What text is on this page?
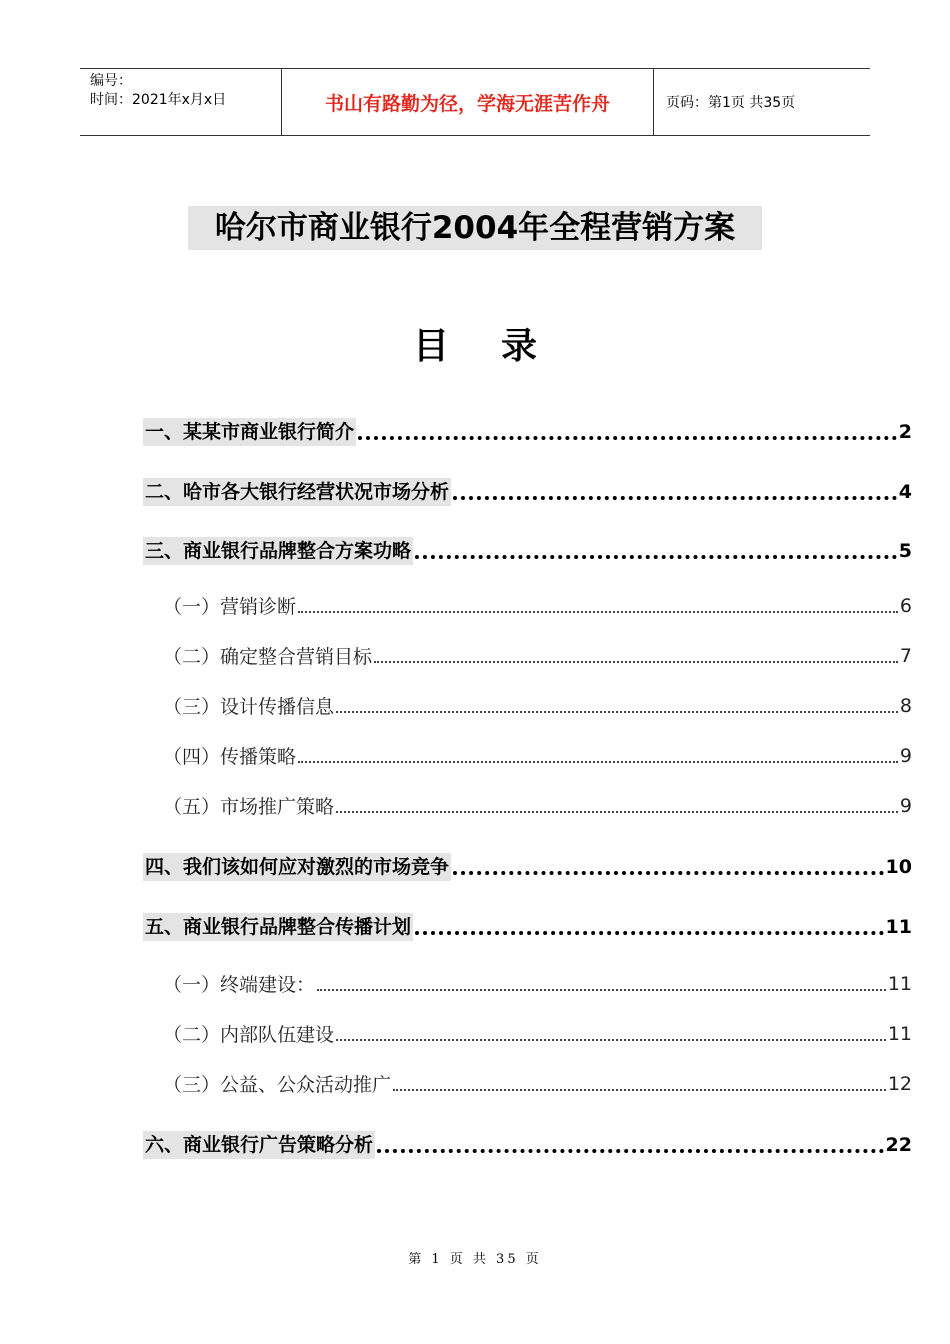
编号：
时间：2021年x月x日	书山有路勤为径，学海无涯苦作舟	页码：第1页 共35页
哈尔市商业银行2004年全程营销方案
目录
一、某某市商业银行简介	2
二、哈市各大银行经营状况市场分析	4
三、商业银行品牌整合方案功略	5
（一）营销诊断	6
（二）确定整合营销目标	7
（三）设计传播信息	8
（四）传播策略	9
（五）市场推广策略	9
四、我们该如何应对激烈的市场竞争	10
五、商业银行品牌整合传播计划	11
（一）终端建设：	11
（二）内部队伍建设	11
（三）公益、公众活动推广	12
六、商业银行广告策略分析	22
第 1 页 共 35 页
